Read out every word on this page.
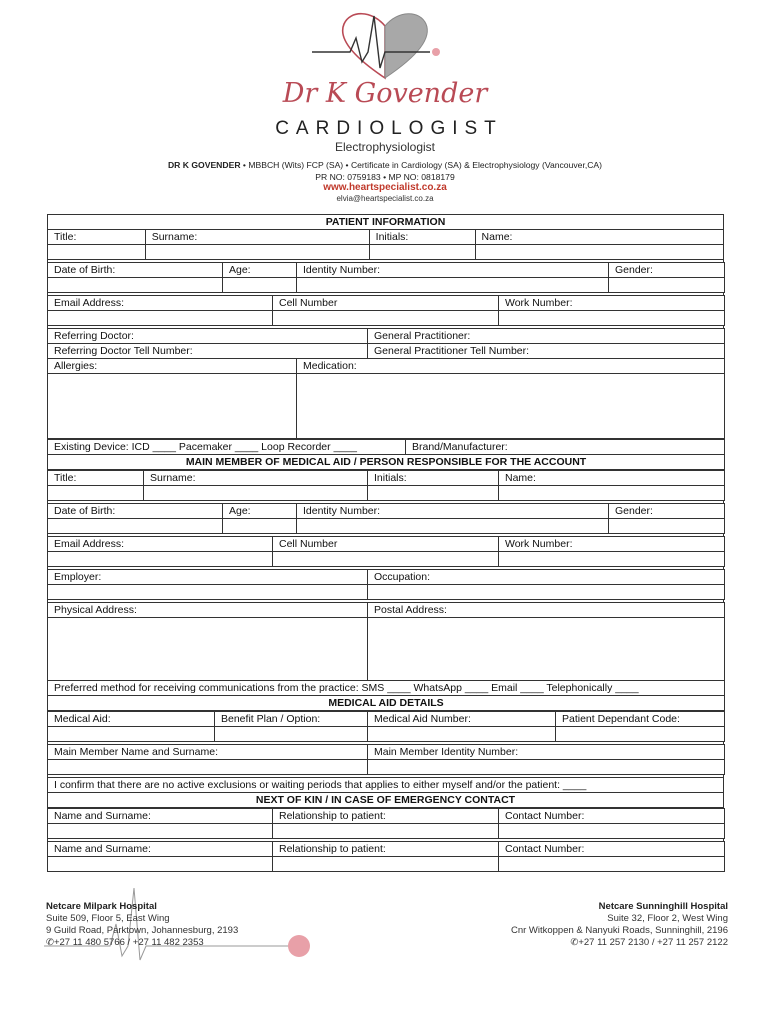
Dr K Govender
CARDIOLOGIST
Electrophysiologist
DR K GOVENDER • MBBCH (Wits) FCP (SA) • Certificate in Cardiology (SA) & Electrophysiology (Vancouver,CA)
PR NO: 0759183 • MP NO: 0818179
www.heartspecialist.co.za
elvia@heartspecialist.co.za
PATIENT INFORMATION			
Title:	Surname:	Initials:	Name:

Date of Birth:	Age:	Identity Number:	Gender:

Email Address:	Cell Number	Work Number:

Referring Doctor:		General Practitioner:
Referring Doctor Tell Number:		General Practitioner Tell Number:
Allergies:	Medication:	

Existing Device: ICD ____ Pacemaker ____ Loop Recorder ____	Brand/Manufacturer:
MAIN MEMBER OF MEDICAL AID / PERSON RESPONSIBLE FOR THE ACCOUNT
Title:	Surname:	Initials:	Name:

Date of Birth:	Age:	Identity Number:	Gender:

Email Address:	Cell Number	Work Number:

Employer:	Occupation:

Physical Address:	Postal Address:

Preferred method for receiving communications from the practice: SMS ____ WhatsApp ____ Email ____ Telephonically ____	
MEDICAL AID DETAILS	
Medical Aid:	Benefit Plan / Option:	Medical Aid Number:	Patient Dependant Code:

Main Member Name and Surname:	Main Member Identity Number:

I confirm that there are no active exclusions or waiting periods that applies to either myself and/or the patient: ____
NEXT OF KIN / IN CASE OF EMERGENCY CONTACT
Name and Surname:	Relationship to patient:	Contact Number:

Name and Surname:	Relationship to patient:	Contact Number:

Netcare Milpark Hospital
Suite 509, Floor 5, East Wing
9 Guild Road, Parktown, Johannesburg, 2193
✆+27 11 480 5766 / +27 11 482 2353
Netcare Sunninghill Hospital
Suite 32, Floor 2, West Wing
Cnr Witkoppen & Nanyuki Roads, Sunninghill, 2196
✆+27 11 257 2130 / +27 11 257 2122
